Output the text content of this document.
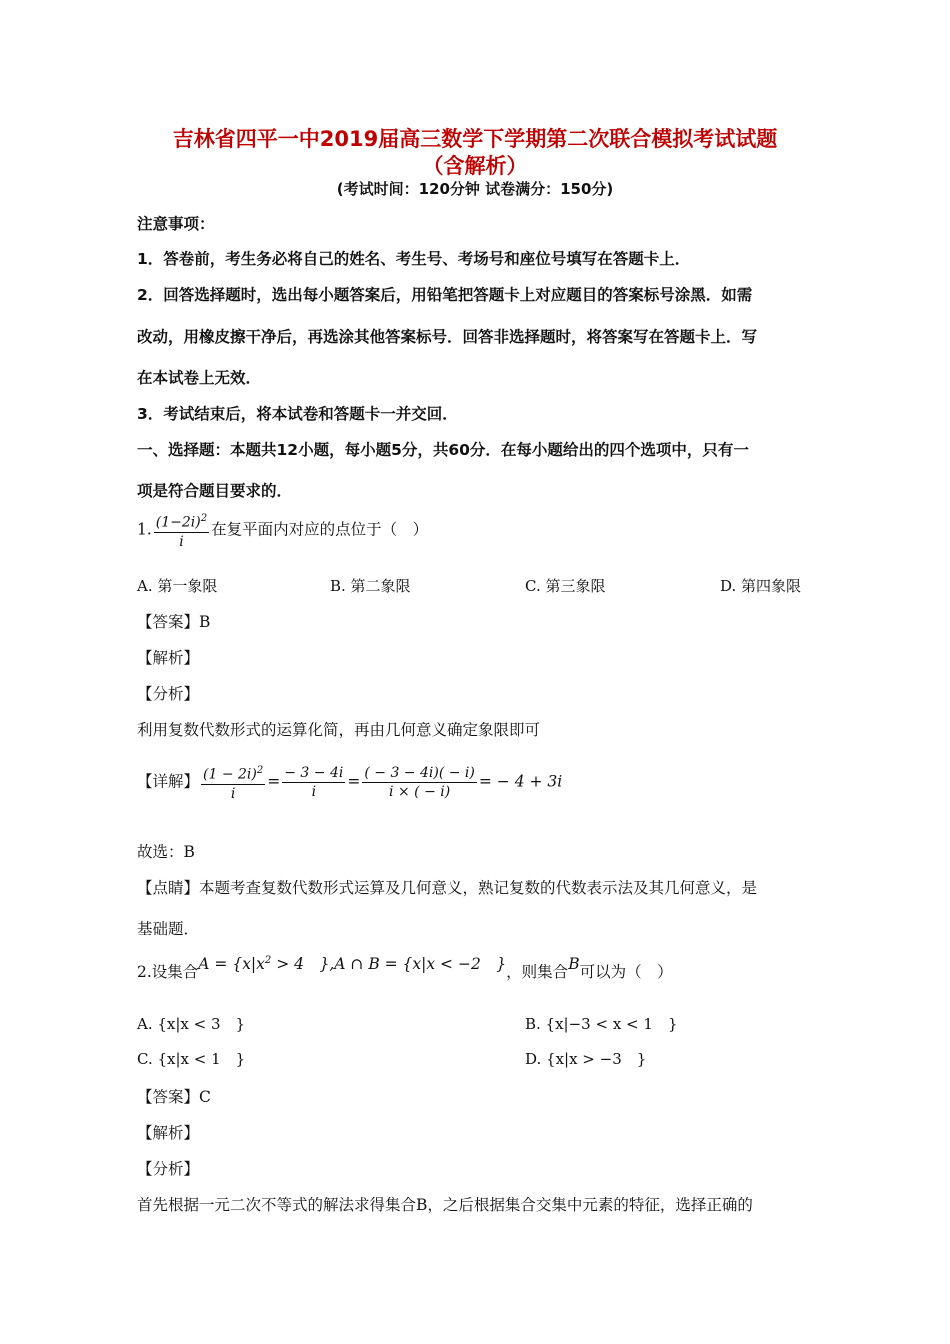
吉林省四平一中2019届高三数学下学期第二次联合模拟考试试题
（含解析）
(考试时间：120分钟 试卷满分：150分)
注意事项：
1．答卷前，考生务必将自己的姓名、考生号、考场号和座位号填写在答题卡上．
2．回答选择题时，选出每小题答案后，用铅笔把答题卡上对应题目的答案标号涂黑．如需
改动，用橡皮擦干净后，再选涂其他答案标号．回答非选择题时，将答案写在答题卡上．写
在本试卷上无效．
3．考试结束后，将本试卷和答题卡一并交回．
一、选择题：本题共12小题，每小题5分，共60分．在每小题给出的四个选项中，只有一
项是符合题目要求的．
1. $\frac{(1-2i)^2}{i}$ 在复平面内对应的点位于（　）
A. 第一象限	B. 第二象限	C. 第三象限	D. 第四象限
【答案】B
【解析】
【分析】
利用复数代数形式的运算化简，再由几何意义确定象限即可
【详解】 $\frac{(1 - 2i)^2}{i} = \frac{- 3 - 4i}{i} = \frac{( - 3 - 4i)( - i)}{i \times ( - i)}$ = − 4 + 3i
故选：B
【点睛】本题考查复数代数形式运算及几何意义，熟记复数的代数表示法及其几何意义，是
基础题．
2.设集合$A = \{x|x^2 > 4$　},A ∩ B = {x|x < −2　}，则集合B可以为（　）
A. {x|x < 3　}	B. {x|−3 < x < 1　}
C. {x|x < 1　}	D. {x|x > −3　}
【答案】C
【解析】
【分析】
首先根据一元二次不等式的解法求得集合B，之后根据集合交集中元素的特征，选择正确的
